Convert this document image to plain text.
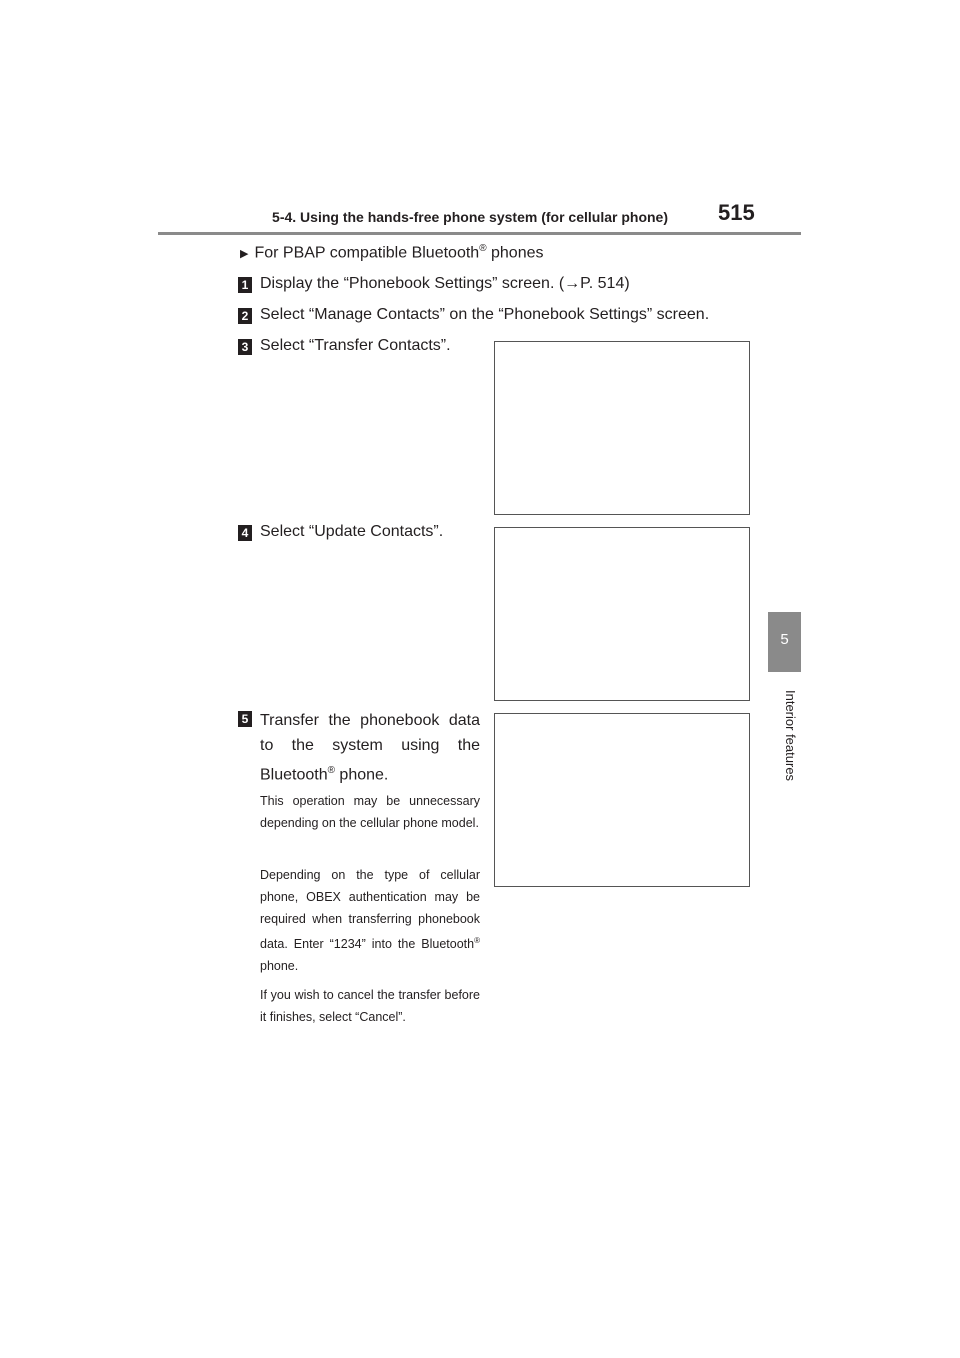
5-4. Using the hands-free phone system (for cellular phone) 515
5
Interior features
▶ For PBAP compatible Bluetooth® phones
1 Display the “Phonebook Settings” screen. (→P. 514)
2 Select “Manage Contacts” on the “Phonebook Settings” screen.
3 Select “Transfer Contacts”.
4 Select “Update Contacts”.
5 Transfer the phonebook data to the system using the Bluetooth® phone.
This operation may be unnecessary depending on the cellular phone model.
Depending on the type of cellular phone, OBEX authentication may be required when transferring phonebook data. Enter “1234” into the Bluetooth® phone.
If you wish to cancel the transfer before it finishes, select “Cancel”.
